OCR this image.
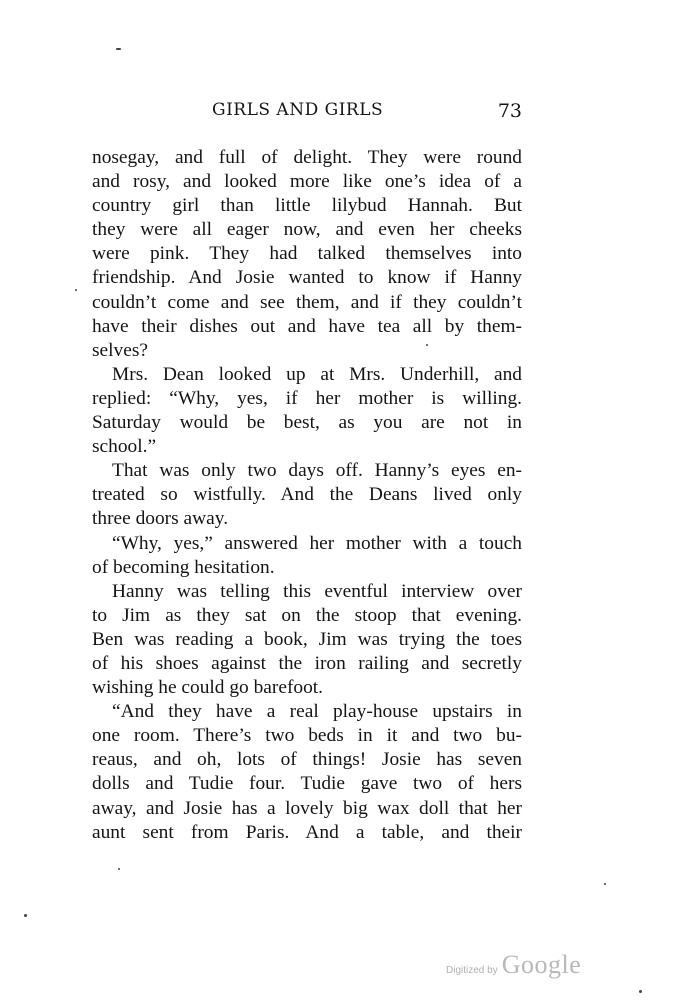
GIRLS AND GIRLS	73
nosegay, and full of delight. They were round
and rosy, and looked more like one’s idea of a
country girl than little lilybud Hannah. But
they were all eager now, and even her cheeks
were pink. They had talked themselves into
friendship. And Josie wanted to know if Hanny
couldn’t come and see them, and if they couldn’t
have their dishes out and have tea all by them-
selves?
Mrs. Dean looked up at Mrs. Underhill, and
replied: “Why, yes, if her mother is willing.
Saturday would be best, as you are not in
school.”
That was only two days off. Hanny’s eyes en-
treated so wistfully. And the Deans lived only
three doors away.
“Why, yes,” answered her mother with a touch
of becoming hesitation.
Hanny was telling this eventful interview over
to Jim as they sat on the stoop that evening.
Ben was reading a book, Jim was trying the toes
of his shoes against the iron railing and secretly
wishing he could go barefoot.
“And they have a real play-house upstairs in
one room. There’s two beds in it and two bu-
reaus, and oh, lots of things! Josie has seven
dolls and Tudie four. Tudie gave two of hers
away, and Josie has a lovely big wax doll that her
aunt sent from Paris. And a table, and their
Digitized by Google
